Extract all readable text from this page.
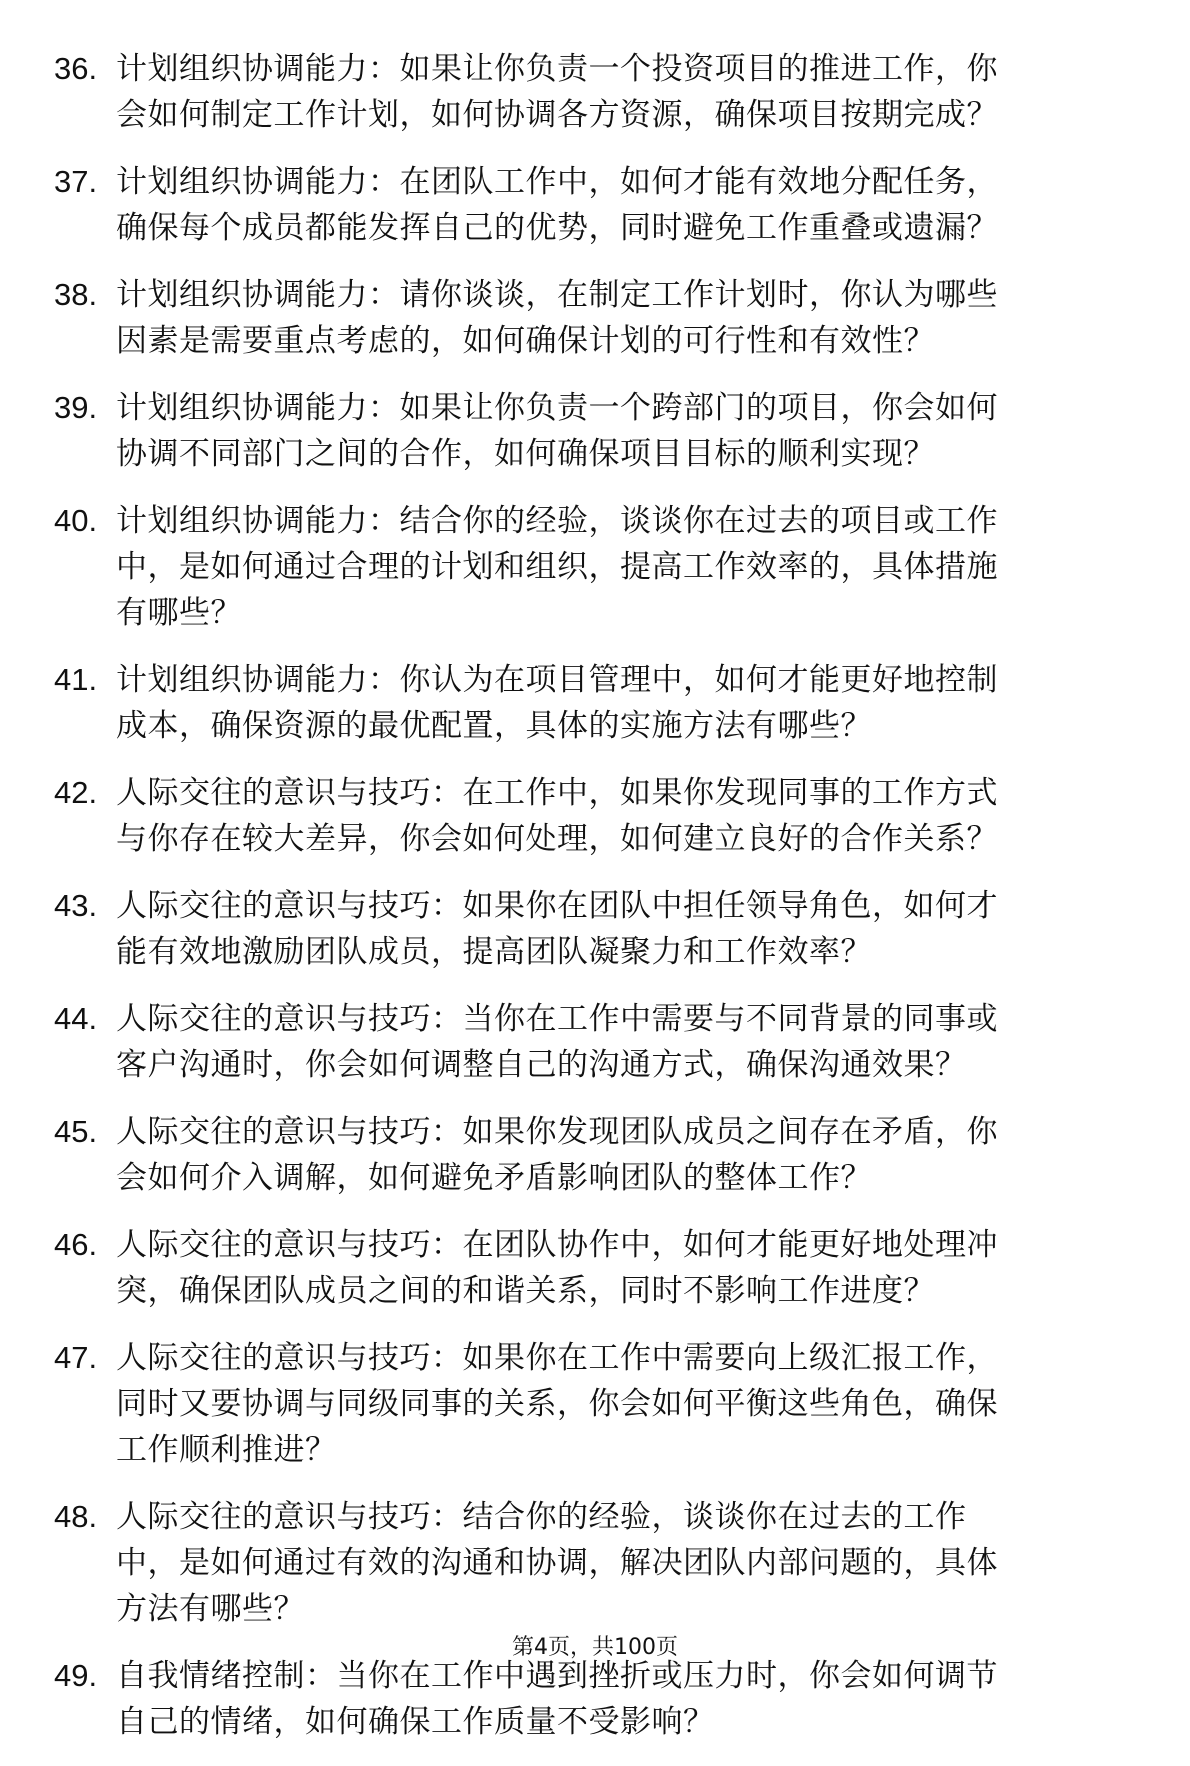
36. 计划组织协调能力：如果让你负责一个投资项目的推进工作，你
会如何制定工作计划，如何协调各方资源，确保项目按期完成？
37. 计划组织协调能力：在团队工作中，如何才能有效地分配任务，
确保每个成员都能发挥自己的优势，同时避免工作重叠或遗漏？
38. 计划组织协调能力：请你谈谈，在制定工作计划时，你认为哪些
因素是需要重点考虑的，如何确保计划的可行性和有效性？
39. 计划组织协调能力：如果让你负责一个跨部门的项目，你会如何
协调不同部门之间的合作，如何确保项目目标的顺利实现？
40. 计划组织协调能力：结合你的经验，谈谈你在过去的项目或工作
中，是如何通过合理的计划和组织，提高工作效率的，具体措施
有哪些？
41. 计划组织协调能力：你认为在项目管理中，如何才能更好地控制
成本，确保资源的最优配置，具体的实施方法有哪些？
42. 人际交往的意识与技巧：在工作中，如果你发现同事的工作方式
与你存在较大差异，你会如何处理，如何建立良好的合作关系？
43. 人际交往的意识与技巧：如果你在团队中担任领导角色，如何才
能有效地激励团队成员，提高团队凝聚力和工作效率？
44. 人际交往的意识与技巧：当你在工作中需要与不同背景的同事或
客户沟通时，你会如何调整自己的沟通方式，确保沟通效果？
45. 人际交往的意识与技巧：如果你发现团队成员之间存在矛盾，你
会如何介入调解，如何避免矛盾影响团队的整体工作？
46. 人际交往的意识与技巧：在团队协作中，如何才能更好地处理冲
突，确保团队成员之间的和谐关系，同时不影响工作进度？
47. 人际交往的意识与技巧：如果你在工作中需要向上级汇报工作，
同时又要协调与同级同事的关系，你会如何平衡这些角色，确保
工作顺利推进？
48. 人际交往的意识与技巧：结合你的经验，谈谈你在过去的工作
中，是如何通过有效的沟通和协调，解决团队内部问题的，具体
方法有哪些？
49. 自我情绪控制：当你在工作中遇到挫折或压力时，你会如何调节
自己的情绪，如何确保工作质量不受影响？
第4页，共100页
